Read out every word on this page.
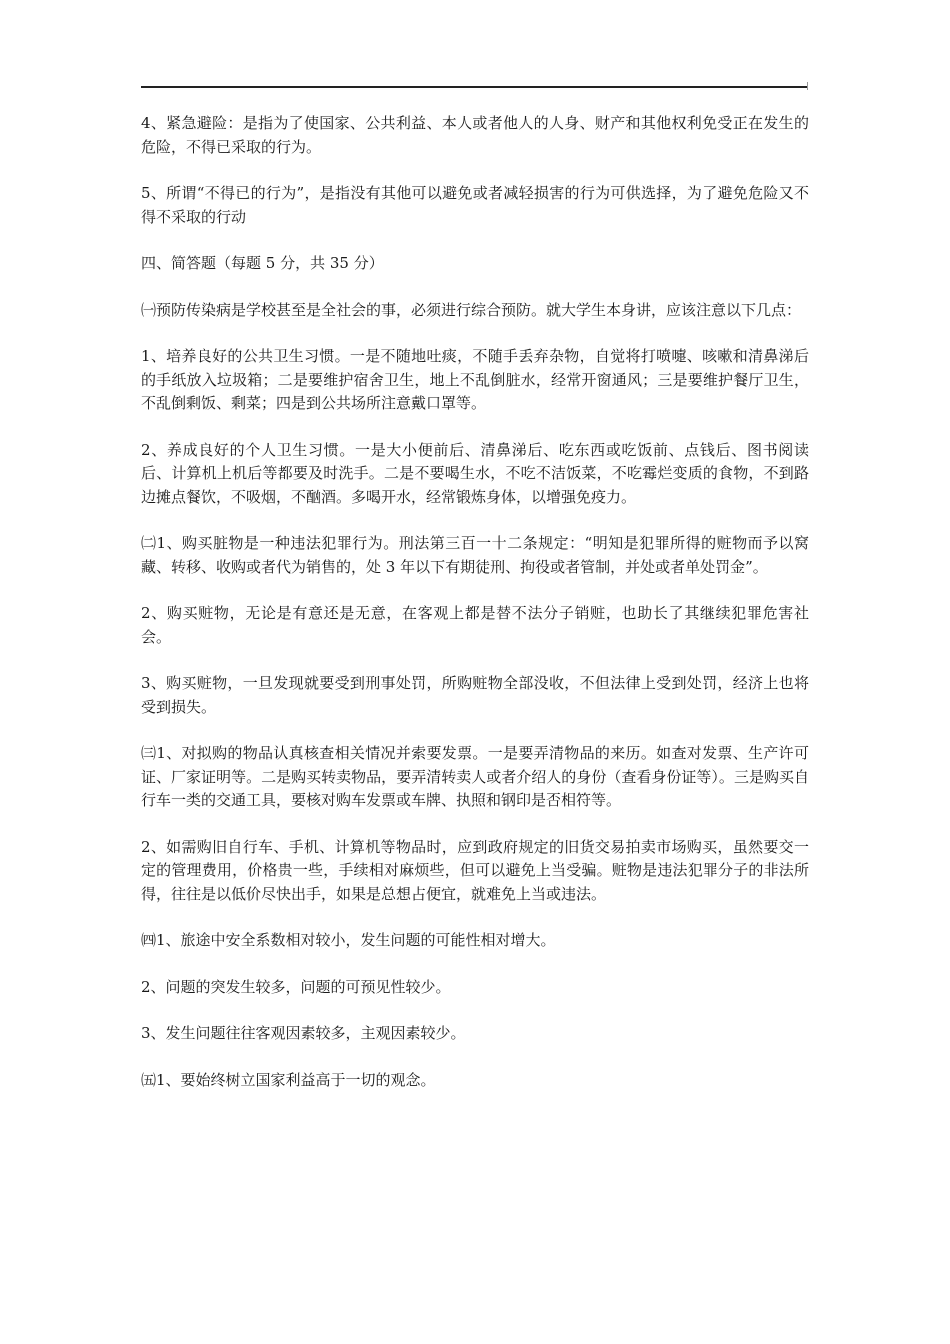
4、紧急避险：是指为了使国家、公共利益、本人或者他人的人身、财产和其他权利免受正在发生的危险，不得已采取的行为。

5、所谓“不得已的行为”，是指没有其他可以避免或者减轻损害的行为可供选择，为了避免危险又不得不采取的行动

四、简答题（每题 5 分，共 35 分）

㈠预防传染病是学校甚至是全社会的事，必须进行综合预防。就大学生本身讲，应该注意以下几点：

1、培养良好的公共卫生习惯。一是不随地吐痰，不随手丢弃杂物，自觉将打喷嚏、咳嗽和清鼻涕后的手纸放入垃圾箱；二是要维护宿舍卫生，地上不乱倒脏水，经常开窗通风；三是要维护餐厅卫生，不乱倒剩饭、剩菜；四是到公共场所注意戴口罩等。

2、养成良好的个人卫生习惯。一是大小便前后、清鼻涕后、吃东西或吃饭前、点钱后、图书阅读后、计算机上机后等都要及时洗手。二是不要喝生水，不吃不洁饭菜，不吃霉烂变质的食物，不到路边摊点餐饮，不吸烟，不酗酒。多喝开水，经常锻炼身体，以增强免疫力。

㈡1、购买脏物是一种违法犯罪行为。刑法第三百一十二条规定：“明知是犯罪所得的赃物而予以窝藏、转移、收购或者代为销售的，处 3 年以下有期徒刑、拘役或者管制，并处或者单处罚金”。

2、购买赃物，无论是有意还是无意，在客观上都是替不法分子销赃，也助长了其继续犯罪危害社会。

3、购买赃物，一旦发现就要受到刑事处罚，所购赃物全部没收，不但法律上受到处罚，经济上也将受到损失。

㈢1、对拟购的物品认真核查相关情况并索要发票。一是要弄清物品的来历。如查对发票、生产许可证、厂家证明等。二是购买转卖物品，要弄清转卖人或者介绍人的身份（查看身份证等）。三是购买自行车一类的交通工具，要核对购车发票或车牌、执照和钢印是否相符等。

2、如需购旧自行车、手机、计算机等物品时，应到政府规定的旧货交易拍卖市场购买，虽然要交一定的管理费用，价格贵一些，手续相对麻烦些，但可以避免上当受骗。赃物是违法犯罪分子的非法所得，往往是以低价尽快出手，如果是总想占便宜，就难免上当或违法。

㈣1、旅途中安全系数相对较小，发生问题的可能性相对增大。

2、问题的突发生较多，问题的可预见性较少。

3、发生问题往往客观因素较多，主观因素较少。

㈤1、要始终树立国家利益高于一切的观念。
